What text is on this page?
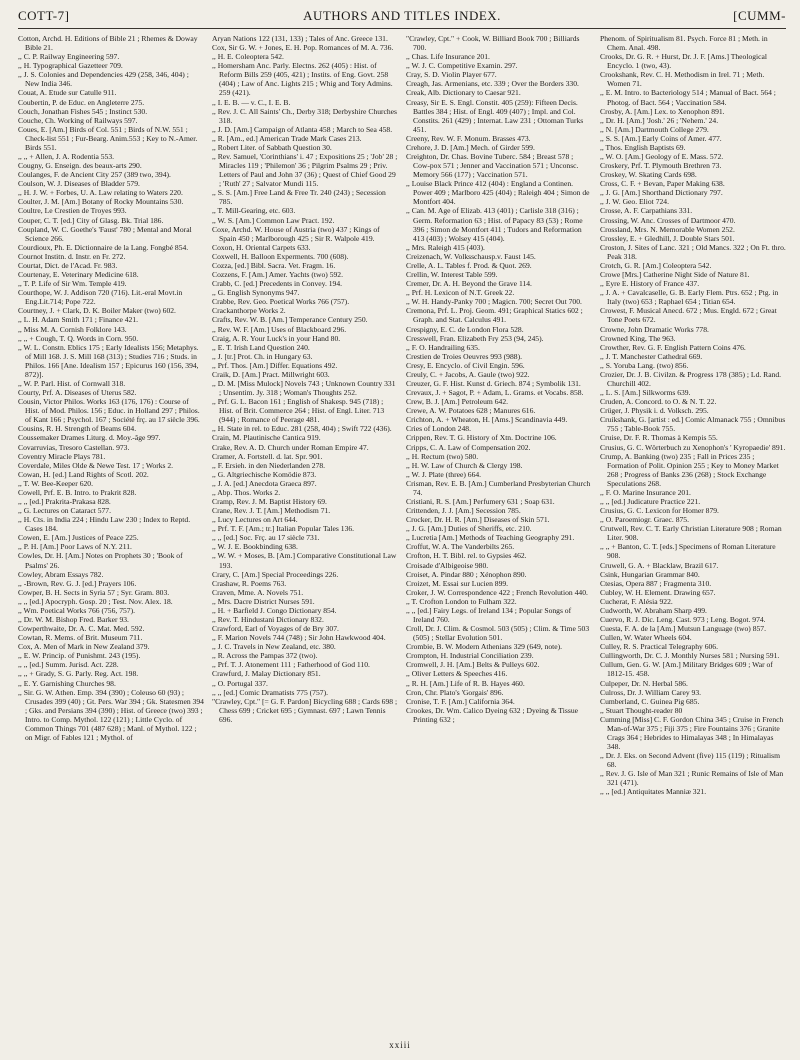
COTT-7]	AUTHORS AND TITLES INDEX.	[CUMM-

Cotton, Archd. H. Editions of Bible 21 ; Rhemes & Doway Bible 21.

,, C. P. Railway Engineering 597.

,, H. Typographical Gazetteer 709.

,, J. S. Colonies and Dependencies 429 (258, 346, 404) ; New India 346.

Couat, A. Etude sur Catulle 911.

Coubertin, P. de Educ. en Angleterre 275.

Couch, Jonathan Fishes 545 ; Instinct 530.

Couche, Ch. Working of Railways 597.

Coues, E. [Am.] Birds of Col. 551 ; Birds of N.W. 551 ; Check-list 551 ; Fur-Bearg. Anim.553 ; Key to N.-Amer. Birds 551.

,, ,, + Allen, J. A. Rodentia 553.

Cougny, G. Enseign. des beaux-arts 290.

Coulanges, F. de Ancient City 257 (389 two, 394).

Coulson, W. J. Diseases of Bladder 579.

,, H. J. W. + Forbes, U. A. Law relating to Waters 220.

Coulter, J. M. [Am.] Botany of Rocky Mountains 530.

Coultre, Le Crestien de Troyes 993.

Couper, C. T. [ed.] City of Glasg. Bk. Trial 186.

Coupland, W. C. Goethe's 'Faust' 780 ; Mental and Moral Science 266.

Courdioux, Ph. E. Dictionnaire de la Lang. Fongbé 854.

Cournot Institn. d. Instr. en Fr. 272.

Courtat, Dict. de l'Acad. Fr. 983.

Courtenay, E. Veterinary Medicine 618.

,, T. P. Life of Sir Wm. Temple 419.

Courthope, W. J. Addison 720 (716). Lit.-eral Movt.in Eng.Lit.714; Pope 722.

Courtney, J. + Clark, D. K. Boiler Maker (two) 602.

,, L. H. Adam Smith 171 ; Finance 421.

,, Miss M. A. Cornish Folklore 143.

,, ,, + Cough, T. Q. Words in Corn. 950.

,, W. L. Constn. Eblics 175 ; Early Idealists 156; Metaphys. of Mill 168. J. S. Mill 168 (313) ; Studies 716 ; Studs. in Philos. 166 [Ane. Idealism 157 ; Epicurus 160 (156, 394, 872)].

,, W. P. Parl. Hist. of Cornwall 318.

Courty, Prf. A. Diseases of Uterus 582.

Cousin, Victor Philos. Works 163 (176, 176) : Course of Hist. of Mod. Philos. 156 ; Educ. in Holland 297 ; Philos. of Kant 166 ; Psychol. 167 ; Société frç. au 17 siècle 396.

Cousins, R. H. Strength of Beams 604.

Coussemaker Drames Liturg. d. Moy.-âge 997.

Covarruvias, Tresoro Castellan. 973.

Coventry Miracle Plays 781.

Coverdale, Miles Olde & Newe Test. 17 ; Works 2.

Cowan, H. [ed.] Land Rights of Scotl. 202.

,, T. W. Bee-Keeper 620.

Cowell, Prf. E. B. Intro. to Prakrit 828.

,, ,, [ed.] Prakrita-Prakasa 828.

,, G. Lectures on Cataract 577.

,, H. Cts. in India 224 ; Hindu Law 230 ; Index to Reptd. Cases 184.

Cowen, E. [Am.] Justices of Peace 225.

,, P. H. [Am.] Poor Laws of N.Y. 211.

Cowles, Dr. H. [Am.] Notes on Prophets 30 ; 'Book of Psalms' 26.

Cowley, Abram Essays 782.

,, -Brown, Rev. G. J. [ed.] Prayers 106.

Cowper, B. H. Sects in Syria 57 ; Syr. Gram. 803.

,, ,, [ed.] Apocryph. Gosp. 20 ; Test. Nov. Alex. 18.

,, Wm. Poetical Works 766 (756, 757).

,, Dr. W. M. Bishop Fred. Barker 93.

Cowperthwaite, Dr. A. C. Mat. Med. 592.

Cowtan, R. Mems. of Brit. Museum 711.

Cox, A. Men of Mark in New Zealand 379.

,, E. W. Princip. of Punishmt. 243 (195).

,, ,, [ed.] Summ. Jurisd. Act. 228.

,, ,, + Grady, S. G. Parly. Reg. Act. 198.

,, E. Y. Garnishing Churches 98.

,, Sir. G. W. Athen. Emp. 394 (390) ; Coleuso 60 (93) ; Crusades 399 (40) ; Gt. Pers. War 394 ; Gk. Statesmen 394 ; Gks. and Persians 394 (390) ; Hist. of Greece (two) 393 ; Intro. to Comp. Mythol. 122 (121) ; Little Cyclo. of Common Things 701 (487 628) ; Manl. of Mythol. 122 ; on Migr. of Fables 121 ; Mythol. of

Aryan Nations 122 (131, 133) ; Tales of Anc. Greece 131.

Cox, Sir G. W. + Jones, E. H. Pop. Romances of M. A. 736.

,, H. E. Coleoptera 542.

,, Homersham Anc. Parly. Electns. 262 (405) : Hist. of Reform Bills 259 (405, 421) ; Instits. of Eng. Govt. 258 (404) ; Law of Anc. Lights 215 ; Whig and Tory Admins. 259 (421).

,, I. E. B. — v. C., I. E. B.

,, Rev. J. C. All Saints' Ch., Derby 318; Derbyshire Churches 318.

,, J. D. [Am.] Campaign of Atlanta 458 ; March to Sea 458.

,, R. [Am., ed.] American Trade Mark Cases 213.

,, Robert Liter. of Sabbath Question 30.

,, Rev. Samuel, 'Corinthians' i. 47 ; Expositions 25 ; 'Job' 28 ; Miracles 119 ; 'Philemon' 36 ; Pilgrim Psalms 29 ; Priv. Letters of Paul and John 37 (36) ; Quest of Chief Good 29 ; 'Ruth' 27 ; Salvator Mundi 115.

,, S. S. [Am.] Free Land & Free Tr. 240 (243) ; Secession 785.

,, T. Mill-Gearing, etc. 603.

,, W. S. [Am.] Common Law Pract. 192.

Coxe, Archd. W. House of Austria (two) 437 ; Kings of Spain 450 ; Marlborough 425 ; Sir R. Walpole 419.

Coxon, H. Oriental Carpets 633.

Coxwell, H. Balloon Experments. 700 (608).

Cozza, [ed.] Bibl. Sacra. Vet. Fragm. 16.

Cozzens, F. [Am.] Amer. Yachts (two) 592.

Crabb, C. [ed.] Precedents in Convey. 194.

,, G. English Synonyms 947.

Crabbe, Rev. Geo. Poetical Works 766 (757).

Crackanthorpe Works 2.

Crafts, Rev. W. B. [Am.] Temperance Century 250.

,, Rev. W. F. [Am.] Uses of Blackboard 296.

Craig, A. R. Your Luck's in your Hand 80.

,, E. T. Irish Land Question 240.

,, J. [tr.] Prot. Ch. in Hungary 63.

,, Prf. Thos. [Am.] Differ. Equations 492.

Craik, D. [Am.] Pract. Millwright 603.

,, D. M. [Miss Mulock] Novels 743 ; Unknown Country 331 ; Unsentim. Jy. 318 ; Woman's Thoughts 252.

,, Prf. G. L. Bacon 161 ; English of Shakesp. 945 (718) ; Hist. of Brit. Commerce 264 ; Hist. of Engl. Liter. 713 (944) ; Romance of Peerage 481.

,, H. State in rel. to Educ. 281 (258, 404) ; Swift 722 (436).

Crain, M. Plautinische Cantica 919.

Crake, Rev. A. D. Church under Roman Empire 47.

Cramer, A. Fortstell. d. lat. Spr. 901.

,, F. Ersieh. in den Niederlanden 278.

,, G. Altgriechische Komödie 873.

,, J. A. [ed.] Anecdota Graeca 897.

,, Abp. Thos. Works 2.

Cramp, Rev. J. M. Baptist History 69.

Crane, Rev. J. T. [Am.] Methodism 71.

,, Lucy Lectures on Art 644.

,, Prf. T. F. [Am.; tr.] Italian Popular Tales 136.

,, ,, [ed.] Soc. Frç. au 17 siècle 731.

,, W. J. E. Bookbinding 638.

,, W. W. + Moses, B. [Am.] Comparative Constitutional Law 193.

Crary, C. [Am.] Special Proceedings 226.

Crashaw, R. Poems 763.

Craven, Mme. A. Novels 751.

,, Mrs. Dacre District Nurses 591.

,, H. + Barfield J. Congo Dictionary 854.

,, Rev. T. Hindustani Dictionary 832.

Crawford, Earl of Voyages of de Bry 307.

,, F. Marion Novels 744 (748) ; Sir John Hawkwood 404.

,, J. C. Travels in New Zealand, etc. 380.

,, R. Across the Pampas 372 (two).

,, Prf. T. J. Atonement 111 ; Fatherhood of God 110.

Crawfurd, J. Malay Dictionary 851.

,, O. Portugal 337.

,, ,, [ed.] Comic Dramatists 775 (757).

"Crawley, Cpt." [= G. F. Pardon] Bicycling 688 ; Cards 698 ; Chess 699 ; Cricket 695 ; Gymnast. 697 ; Lawn Tennis 696.

"Crawley, Cpt." + Cook, W. Billiard Book 700 ; Billiards 700.

,, Chas. Life Insurance 201.

,, W. J. C. Competitive Examin. 297.

Cray, S. D. Violin Player 677.

Creagh, Jas. Armenians, etc. 339 ; Over the Borders 330.

Creak, Alb. Dictionary to Caesar 921.

Creasy, Sir E. S. Engl. Constit. 405 (259): Fifteen Decis. Battles 384 ; Hist. of Engl. 409 (407) ; Impl. and Col. Constits. 261 (429) ; Internat. Law 231 ; Ottoman Turks 451.

Creeny, Rev. W. F. Monum. Brasses 473.

Crehore, J. D. [Am.] Mech. of Girder 599.

Creighton, Dr. Chas. Bovine Tuberc. 584 ; Breast 578 ; Cow-pox 571 ; Jenner and Vaccination 571 ; Unconsc. Memory 566 (177) ; Vaccination 571.

,, Louise Black Prince 412 (404) : England a Continen. Power 409 ; Marlboro 425 (404) ; Raleigh 404 ; Simon de Montfort 404.

,, Can. M. Age of Elizab. 413 (401) ; Carlisle 318 (316) ; Germ. Reformation 63 ; Hist. of Papacy 83 (53) ; Rome 396 ; Simon de Montfort 411 ; Tudors and Reformation 413 (403) ; Wolsey 415 (404).

,, Mrs. Raleigh 415 (403).

Creizenach, W. Volksschausp.v. Faust 145.

Crelle, A. L. Tables f. Prod. & Quot. 269.

Crellin, W. Interest Table 599.

Cremer, Dr. A. H. Beyond the Grave 114.

,, Prf. H. Lexicon of N.T. Greek 22.

,, W. H. Handy-Panky 700 ; Magicn. 700; Secret Out 700.

Cremona, Prf. L. Proj. Geom. 491; Graphical Statics 602 ; Graph. and Stat. Calculus 491.

Crespigny, E. C. de London Flora 528.

Cresswell, Fran. Elizabeth Fry 253 (94, 245).

,, F. O. Handrailing 635.

Crestien de Troies Oeuvres 993 (988).

Cresy, E. Encyclo. of Civil Engin. 596.

Creuly, C. + Jacobs, A. Gaule (two) 922.

Creuzer, G. F. Hist. Kunst d. Griech. 874 ; Symbolik 131.

Crevaux, J. + Sagot, P. + Adam, L. Grams. et Vocabs. 858.

Crew, B. J. [Am.] Petroleum 642.

Crewe, A. W. Potatoes 628 ; Manures 616.

Crichton, A. + Wheaton, H. [Ams.] Scandinavia 449.

Cries of London 248.

Crippen, Rev. T. G. History of Xtn. Doctrine 106.

Cripps, C. A. Law of Compensation 202.

,, H. Rectum (two) 580.

,, H. W. Law of Church & Clergy 198.

,, W. J. Plate (three) 664.

Crisman, Rev. E. B. [Am.] Cumberland Presbyterian Church 74.

Cristiani, R. S. [Am.] Perfumery 631 ; Soap 631.

Crittenden, J. J. [Am.] Secession 785.

Crocker, Dr. H. R. [Am.] Diseases of Skin 571.

,, J. G. [Am.] Duties of Sheriffs, etc. 210.

,, Lucretia [Am.] Methods of Teaching Geography 291.

Croffut, W. A. The Vanderbilts 265.

Crofton, H. T. Bibl. rel. to Gypsies 462.

Croisade d'Albigeoise 980.

Croiset, A. Pindar 880 ; Xénophon 890.

Croizet, M. Essai sur Lucien 899.

Croker, J. W. Correspondence 422 ; French Revolution 440.

,, T. Crofton London to Fulham 322.

,, ,, [ed.] Fairy Legs. of Ireland 134 ; Popular Songs of Ireland 760.

Croll, Dr. J. Clim. & Cosmol. 503 (505) ; Clim. & Time 503 (505) ; Stellar Evolution 501.

Crombie, B. W. Modern Athenians 329 (649, note).

Crompton, H. Industrial Conciliation 239.

Cromwell, J. H. [Am.] Belts & Pulleys 602.

,, Oliver Letters & Speeches 416.

,, R. H. [Am.] Life of R. B. Hayes 460.

Cron, Chr. Plato's 'Gorgais' 896.

Cronise, T. F. [Am.] California 364.

Crookes, Dr. Wm. Calico Dyeing 632 ; Dyeing & Tissue Printing 632 ;

Phenom. of Spiritualism 81. Psych. Force 81 ; Meth. in Chem. Anal. 498.

Crooks, Dr. G. R. + Hurst, Dr. J. F. [Ams.] Theological Encyclo. 1 (two, 43).

Crookshank, Rev. C. H. Methodism in Irel. 71 ; Meth. Women 71.

,, E. M. Intro. to Bacteriology 514 ; Manual of Bact. 564 ; Photog. of Bact. 564 ; Vaccination 584.

Crosby, A. [Am.] Lex. to Xenophon 891.

,, Dr. H. [Am.] 'Josh.' 26 ; 'Nehem.' 24.

,, N. [Am.] Dartmouth College 279.

,, S. S. [Am.] Early Coins of Amer. 477.

,, Thos. English Baptists 69.

,, W. O. [Am.] Geology of E. Mass. 572.

Croskery, Prf. T. Plymouth Brethren 73.

Croskey, W. Skating Cards 698.

Cross, C. F. + Bevan, Paper Making 638.

,, J. G. [Am.] Shorthand Dictionary 797.

,, J. W. Geo. Eliot 724.

Crosse, A. F. Carpathians 331.

Crossing, W. Anc. Crosses of Dartmoor 470.

Crossland, Mrs. N. Memorable Women 252.

Crossley, E. + Gledhill, J. Double Stars 501.

Croston, J. Sites of Lanc. 321 ; Old Mancs. 322 ; On Ft. thro. Peak 318.

Crotch, G. R. [Am.] Coleoptera 542.

Crowe [Mrs.] Catherine Night Side of Nature 81.

,, Eyre E. History of France 437.

,, J. A. + Cavalcaselle, G. B. Early Flem. Ptrs. 652 ; Ptg. in Italy (two) 653 ; Raphael 654 ; Titian 654.

Crowest, F. Musical Anecd. 672 ; Mus. Engld. 672 ; Great Tone Poets 672.

Crowne, John Dramatic Works 778.

Crowned King, The 963.

Crowther, Rev. G. F. English Pattern Coins 476.

,, J. T. Manchester Cathedral 669.

,, S. Yoruba Lang. (two) 856.

Crozier, Dr. J. B. Civilzn. & Progress 178 (385) ; Ld. Rand. Churchill 402.

,, L. S. [Am.] Silkworms 639.

Cruden, A. Concord. to O. & N. T. 22.

Crüger, J. Physik i. d. Volksch. 295.

Cruikshank, G. [artist : ed.] Comic Almanack 755 ; Omnibus 755 ; Table-Book 755.

Cruise, Dr. F. R. Thomas à Kempis 55.

Crusius, G. C. Wörterbuch zu Xenophon's ' Kyropaedie' 891.

Crump, A. Banking (two) 235 ; Fall in Prices 235 ; Formation of Polit. Opinion 255 ; Key to Money Market 268 ; Progress of Banks 236 (268) ; Stock Exchange Speculations 268.

,, F. O. Marine Insurance 201.

,, ,, [ed.] Judicature Practice 221.

Crusius, G. C. Lexicon for Homer 879.

,, O. Paroemiogr. Graec. 875.

Crutwell, Rev. C. T. Early Christian Literature 908 ; Roman Liter. 908.

,, ,, + Banton, C. T. [eds.] Specimens of Roman Literature 908.

Cruwell, G. A. + Blacklaw, Brazil 617.

Csink, Hungarian Grammar 840.

Ctesias, Opera 887 ; Fragmenta 310.

Cubley, W. H. Element. Drawing 657.

Cucherat, F. Alésia 922.

Cudworth, W. Abraham Sharp 499.

Cuervo, R. J. Dic. Leng. Cast. 973 ; Leng. Bogot. 974.

Cuesta, F. A. de la [Am.] Mutsun Language (two) 857.

Cullen, W. Water Wheels 604.

Culley, R. S. Practical Telegraphy 606.

Cullingworth, Dr. C. J. Monthly Nurses 581 ; Nursing 591.

Cullum, Gen. G. W. [Am.] Military Bridges 609 ; War of 1812-15. 458.

Culpeper, Dr. N. Herbal 586.

Culross, Dr. J. William Carey 93.

Cumberland, C. Guinea Pig 685.

,, Stuart Thought-reader 80

Cumming [Miss] C. F. Gordon China 345 ; Cruise in French Man-of-War 375 ; Fiji 375 ; Fire Fountains 376 ; Granite Crags 364 ; Hebrides to Himalayas 348 ; In Himalayas 348.

,, Dr. J. Eks. on Second Advent (five) 115 (119) ; Ritualism 68.

,, Rev. J. G. Isle of Man 321 ; Runic Remains of Isle of Man 321 (471).

,, ,, [ed.] Antiquitates Manniæ 321.

xxiii
